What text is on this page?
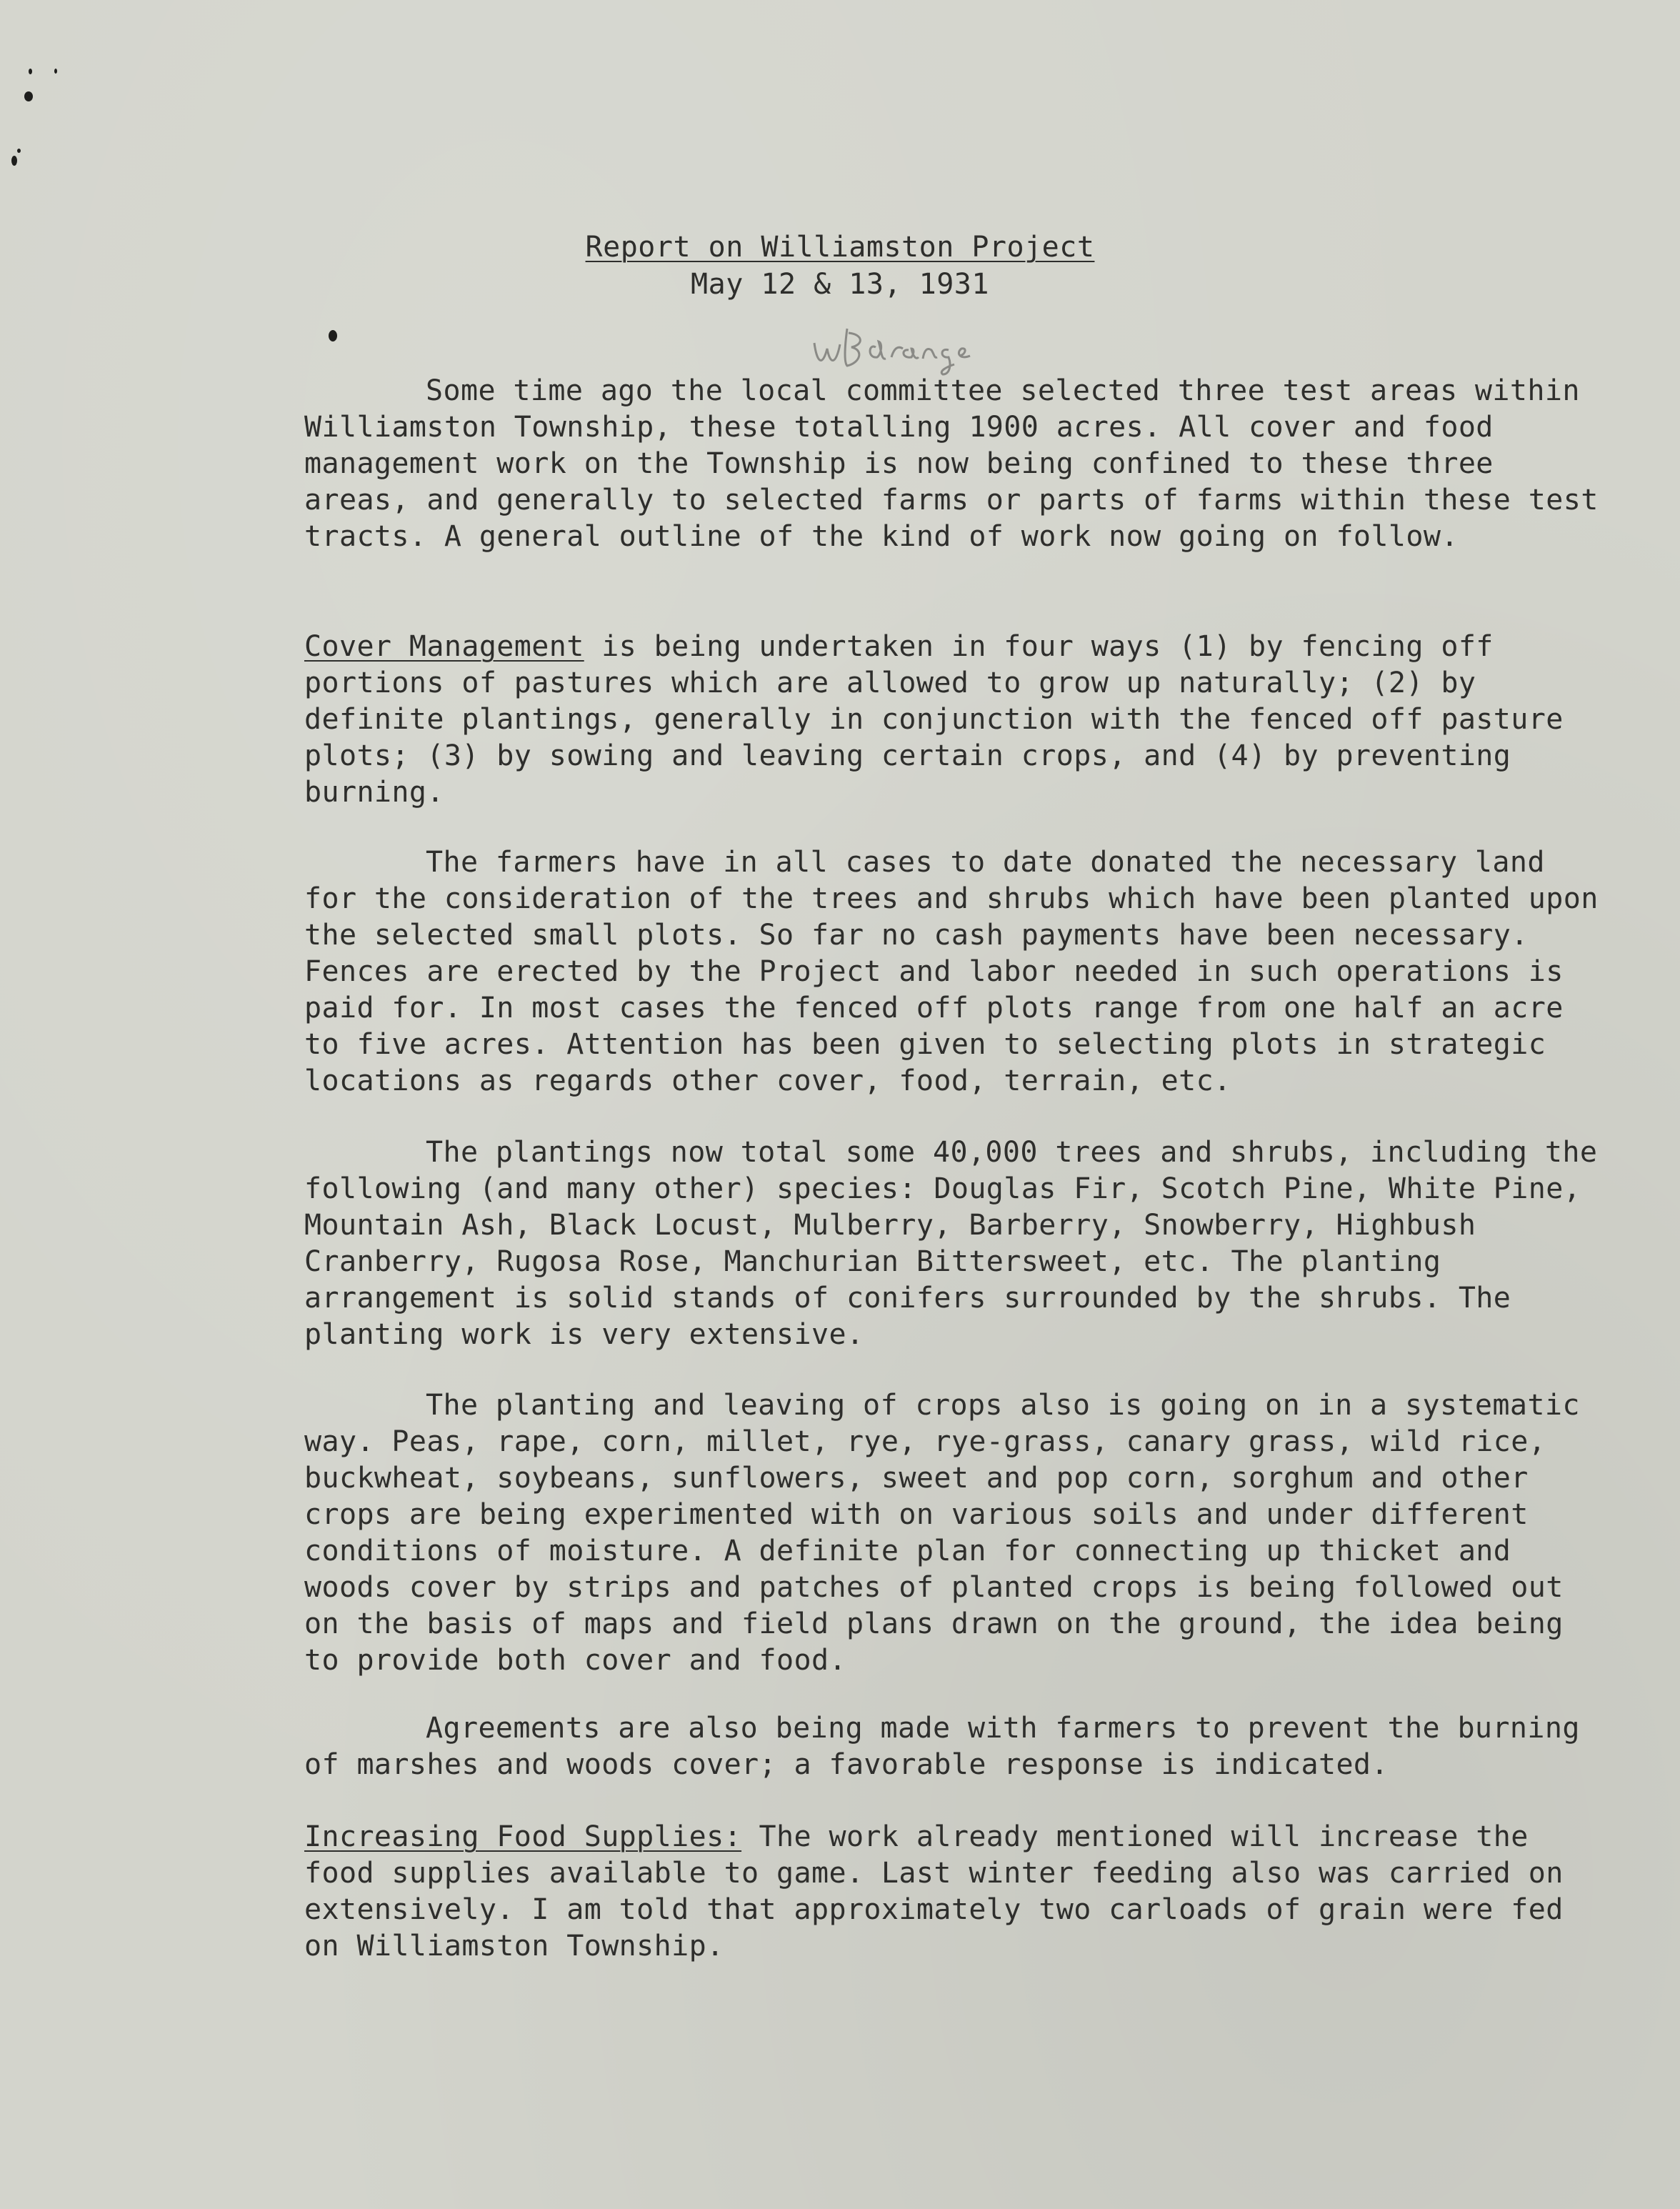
Report on Williamston Project
May 12 & 13, 1931
Some time ago the local committee selected three test areas within Williamston Township, these totalling 1900 acres. All cover and food management work on the Township is now being confined to these three areas, and generally to selected farms or parts of farms within these test tracts. A general outline of the kind of work now going on follow.
Cover Management is being undertaken in four ways (1) by fencing off portions of pastures which are allowed to grow up naturally; (2) by definite plantings, generally in conjunction with the fenced off pasture plots; (3) by sowing and leaving certain crops, and (4) by preventing burning.
The farmers have in all cases to date donated the necessary land for the consideration of the trees and shrubs which have been planted upon the selected small plots. So far no cash payments have been necessary. Fences are erected by the Project and labor needed in such operations is paid for. In most cases the fenced off plots range from one half an acre to five acres. Attention has been given to selecting plots in strategic locations as regards other cover, food, terrain, etc.
The plantings now total some 40,000 trees and shrubs, including the following (and many other) species: Douglas Fir, Scotch Pine, White Pine, Mountain Ash, Black Locust, Mulberry, Barberry, Snowberry, Highbush Cranberry, Rugosa Rose, Manchurian Bittersweet, etc. The planting arrangement is solid stands of conifers surrounded by the shrubs. The planting work is very extensive.
The planting and leaving of crops also is going on in a systematic way. Peas, rape, corn, millet, rye, rye-grass, canary grass, wild rice, buckwheat, soybeans, sunflowers, sweet and pop corn, sorghum and other crops are being experimented with on various soils and under different conditions of moisture. A definite plan for connecting up thicket and woods cover by strips and patches of planted crops is being followed out on the basis of maps and field plans drawn on the ground, the idea being to provide both cover and food.
Agreements are also being made with farmers to prevent the burning of marshes and woods cover; a favorable response is indicated.
Increasing Food Supplies: The work already mentioned will increase the food supplies available to game. Last winter feeding also was carried on extensively. I am told that approximately two carloads of grain were fed on Williamston Township.
